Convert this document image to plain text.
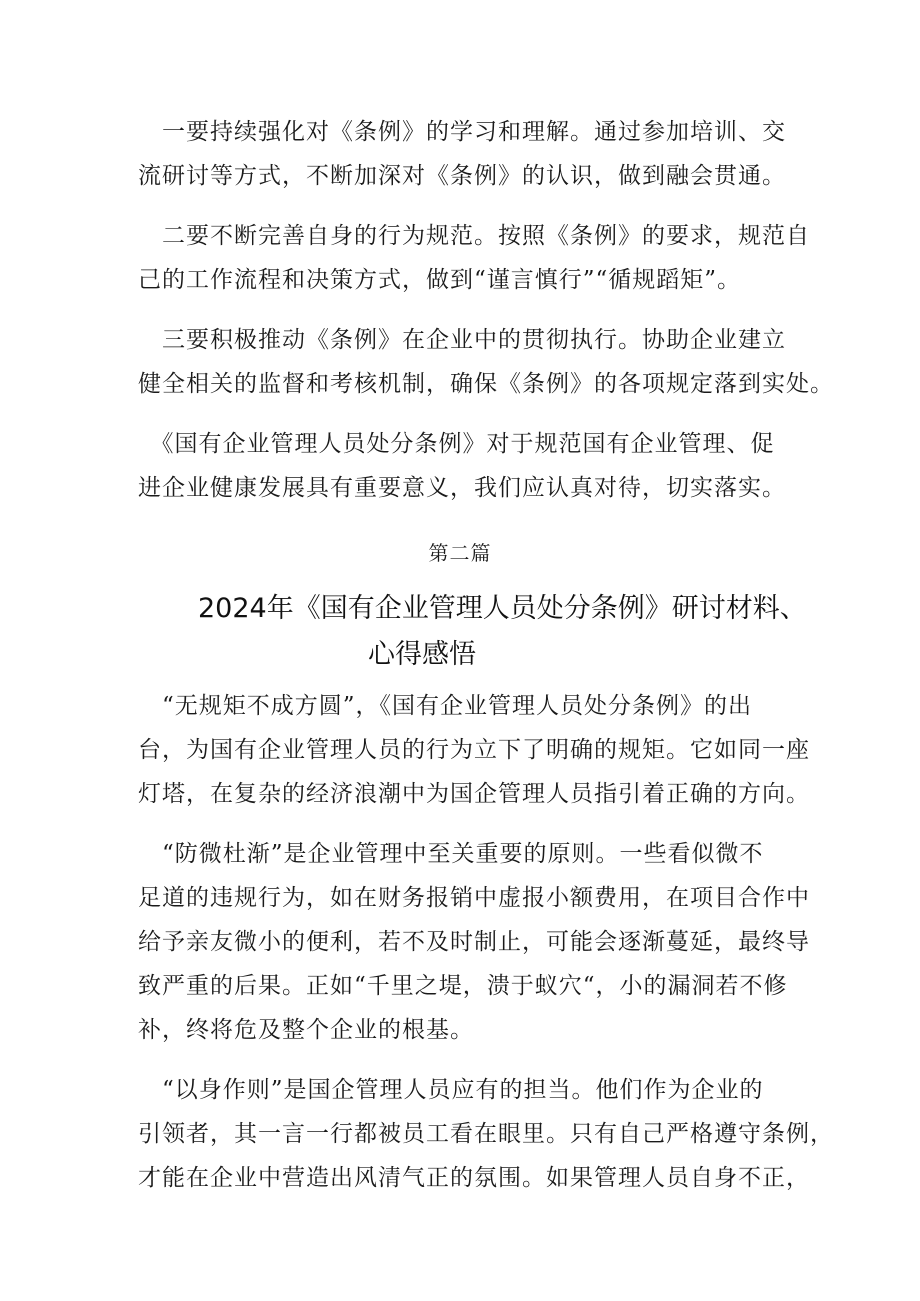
　一要持续强化对《条例》的学习和理解。通过参加培训、交
流研讨等方式，不断加深对《条例》的认识，做到融会贯通。
　二要不断完善自身的行为规范。按照《条例》的要求，规范自
己的工作流程和决策方式，做到“谨言慎行”“循规蹈矩”。
　三要积极推动《条例》在企业中的贯彻执行。协助企业建立
健全相关的监督和考核机制，确保《条例》的各项规定落到实处。
　《国有企业管理人员处分条例》对于规范国有企业管理、促
进企业健康发展具有重要意义，我们应认真对待，切实落实。
第二篇
2024年《国有企业管理人员处分条例》研讨材料、
心得感悟
　“无规矩不成方圆”，《国有企业管理人员处分条例》的出
台，为国有企业管理人员的行为立下了明确的规矩。它如同一座
灯塔，在复杂的经济浪潮中为国企管理人员指引着正确的方向。
　“防微杜渐”是企业管理中至关重要的原则。一些看似微不
足道的违规行为，如在财务报销中虚报小额费用，在项目合作中
给予亲友微小的便利，若不及时制止，可能会逐渐蔓延，最终导
致严重的后果。正如“千里之堤，溃于蚁穴“，小的漏洞若不修
补，终将危及整个企业的根基。
　“以身作则”是国企管理人员应有的担当。他们作为企业的
引领者，其一言一行都被员工看在眼里。只有自己严格遵守条例，
才能在企业中营造出风清气正的氛围。如果管理人员自身不正，
